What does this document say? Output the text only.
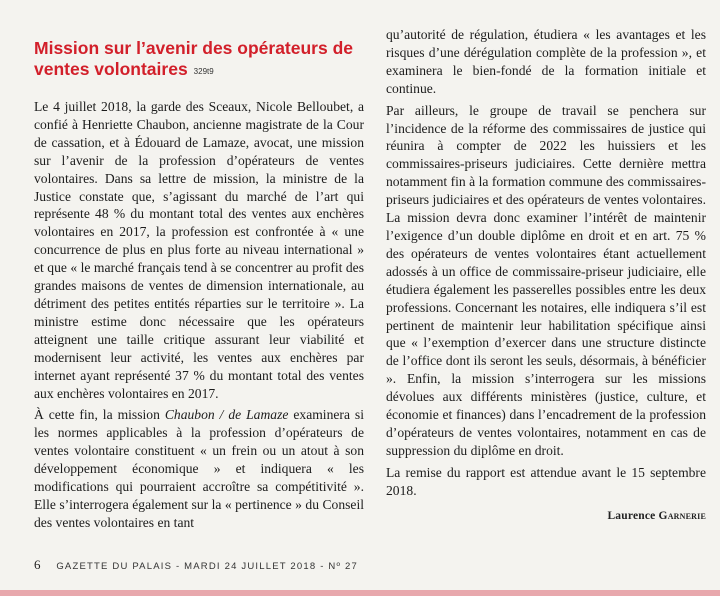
Mission sur l’avenir des opérateurs de ventes volontaires 329t9

Le 4 juillet 2018, la garde des Sceaux, Nicole Belloubet, a confié à Henriette Chaubon, ancienne magistrate de la Cour de cassation, et à Édouard de Lamaze, avocat, une mission sur l’avenir de la profession d’opérateurs de ventes volontaires. Dans sa lettre de mission, la ministre de la Justice constate que, s’agissant du marché de l’art qui représente 48 % du montant total des ventes aux enchères volontaires en 2017, la profession est confrontée à « une concurrence de plus en plus forte au niveau international » et que « le marché français tend à se concentrer au profit des grandes maisons de ventes de dimension internationale, au détriment des petites entités réparties sur le territoire ». La ministre estime donc nécessaire que les opérateurs atteignent une taille critique assurant leur viabilité et modernisent leur activité, les ventes aux enchères par internet ayant représenté 37 % du montant total des ventes aux enchères volontaires en 2017.

À cette fin, la mission Chaubon / de Lamaze examinera si les normes applicables à la profession d’opérateurs de ventes volontaire constituent « un frein ou un atout à son développement économique » et indiquera « les modifications qui pourraient accroître sa compétitivité ». Elle s’interrogera également sur la « pertinence » du Conseil des ventes volontaires en tant

qu’autorité de régulation, étudiera « les avantages et les risques d’une dérégulation complète de la profession », et examinera le bien-fondé de la formation initiale et continue.

Par ailleurs, le groupe de travail se penchera sur l’incidence de la réforme des commissaires de justice qui réunira à compter de 2022 les huissiers et les commissaires-priseurs judiciaires. Cette dernière mettra notamment fin à la formation commune des commissaires-priseurs judiciaires et des opérateurs de ventes volontaires. La mission devra donc examiner l’intérêt de maintenir l’exigence d’un double diplôme en droit et en art. 75 % des opérateurs de ventes volontaires étant actuellement adossés à un office de commissaire-priseur judiciaire, elle étudiera également les passerelles possibles entre les deux professions. Concernant les notaires, elle indiquera s’il est pertinent de maintenir leur habilitation spécifique ainsi que « l’exemption d’exercer dans une structure distincte de l’office dont ils seront les seuls, désormais, à bénéficier ». Enfin, la mission s’interrogera sur les missions dévolues aux différents ministères (justice, culture, et économie et finances) dans l’encadrement de la profession d’opérateurs de ventes volontaires, notamment en cas de suppression du diplôme en droit.

La remise du rapport est attendue avant le 15 septembre 2018.

Laurence Garnerie
6 GAZETTE DU PALAIS - MARDI 24 JUILLET 2018 - Nº 27
